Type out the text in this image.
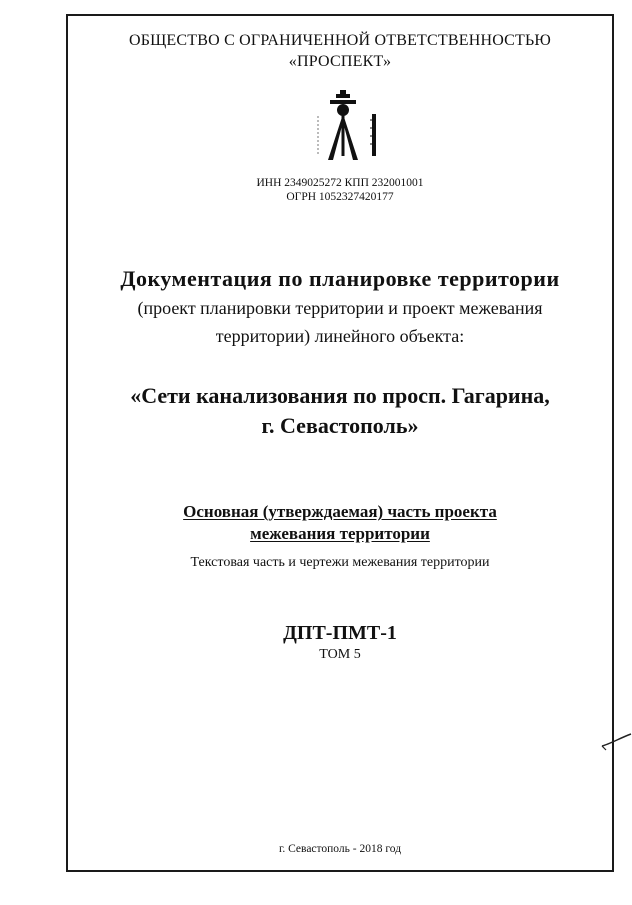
ОБЩЕСТВО С ОГРАНИЧЕННОЙ ОТВЕТСТВЕННОСТЬЮ
«ПРОСПЕКТ»
ИНН 2349025272 КПП 232001001
ОГРН 1052327420177
Документация по планировке территории
(проект планировки территории и проект межевания
территории) линейного объекта:
«Сети канализования по просп. Гагарина,
г. Севастополь»
Основная (утверждаемая) часть проекта
межевания территории
Текстовая часть и чертежи межевания территории
ДПТ-ПМТ-1
ТОМ 5
г. Севастополь - 2018 год
